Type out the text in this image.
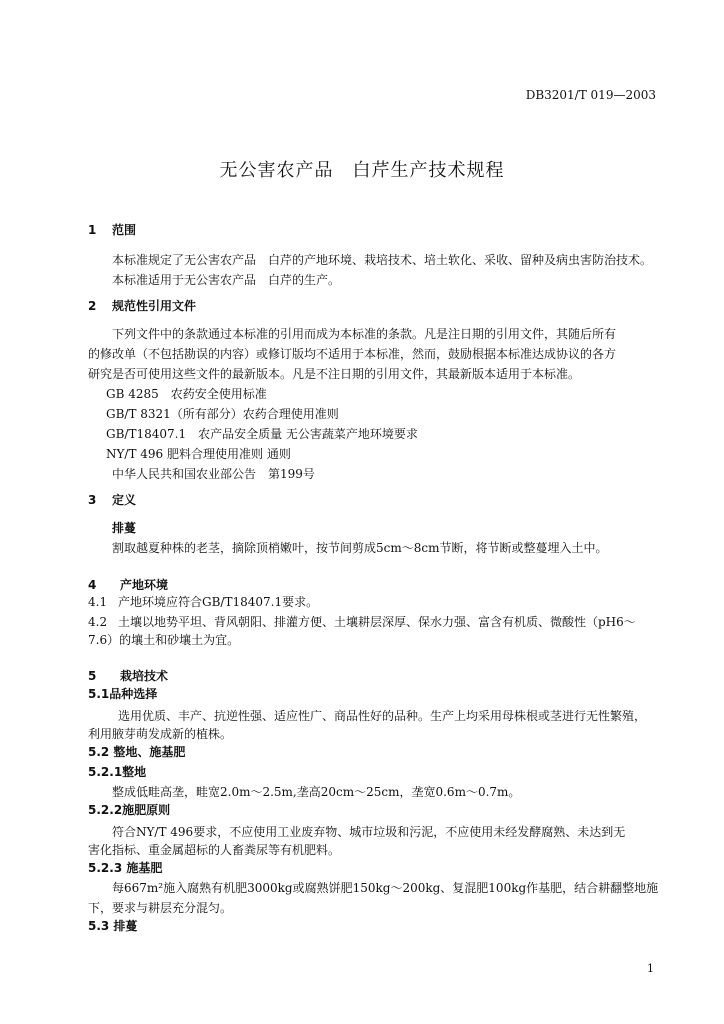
DB3201/T 019—2003
无公害农产品　白芹生产技术规程
1 范围
本标准规定了无公害农产品　白芹的产地环境、栽培技术、培土软化、采收、留种及病虫害防治技术。
本标准适用于无公害农产品　白芹的生产。
2 规范性引用文件
下列文件中的条款通过本标准的引用而成为本标准的条款。凡是注日期的引用文件，其随后所有
的修改单（不包括勘误的内容）或修订版均不适用于本标准，然而，鼓励根据本标准达成协议的各方
研究是否可使用这些文件的最新版本。凡是不注日期的引用文件，其最新版本适用于本标准。
GB 4285　农药安全使用标准
GB/T 8321（所有部分）农药合理使用准则
GB/T18407.1　农产品安全质量 无公害蔬菜产地环境要求
NY/T 496 肥料合理使用准则 通则
中华人民共和国农业部公告　第199号
3 定义
排蔓
割取越夏种株的老茎，摘除顶梢嫩叶，按节间剪成5cm～8cm节断，将节断或整蔓埋入土中。
4 产地环境
4.1 产地环境应符合GB/T18407.1要求。
4.2 土壤以地势平坦、背风朝阳、排灌方便、土壤耕层深厚、保水力强、富含有机质、微酸性（pH6～
7.6）的壤土和砂壤土为宜。
5 栽培技术
5.1品种选择
选用优质、丰产、抗逆性强、适应性广、商品性好的品种。生产上均采用母株根或茎进行无性繁殖，
利用腋芽萌发成新的植株。
5.2 整地、施基肥
5.2.1整地
整成低畦高垄，畦宽2.0m～2.5m,垄高20cm～25cm，垄宽0.6m～0.7m。
5.2.2施肥原则
符合NY/T 496要求，不应使用工业废弃物、城市垃圾和污泥，不应使用未经发酵腐熟、未达到无
害化指标、重金属超标的人畜粪尿等有机肥料。
5.2.3 施基肥
每667m²施入腐熟有机肥3000kg或腐熟饼肥150kg～200kg、复混肥100kg作基肥，结合耕翻整地施
下，要求与耕层充分混匀。
5.3 排蔓
1
